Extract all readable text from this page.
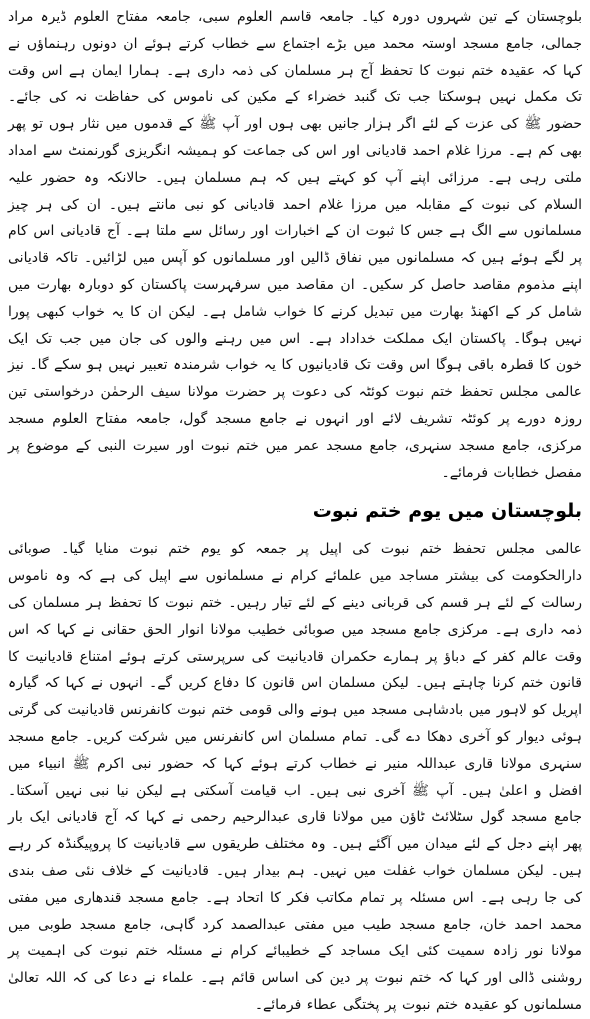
بلوچستان کے تین شہروں دورہ کیا۔ جامعہ قاسم العلوم سبی، جامعہ مفتاح العلوم ڈیرہ مراد جمالی، جامع مسجد اوستہ محمد میں بڑے اجتماع سے خطاب کرتے ہوئے ان دونوں رہنماؤں نے کہا کہ عقیدہ ختم نبوت کا تحفظ آج ہر مسلمان کی ذمہ داری ہے۔ ہمارا ایمان ہے اس وقت تک مکمل نہیں ہوسکتا جب تک گنبد خضراء کے مکین کی ناموس کی حفاظت نہ کی جائے۔ حضور ﷺ کی عزت کے لئے اگر ہزار جانیں بھی ہوں اور آپ ﷺ کے قدموں میں نثار ہوں تو پھر بھی کم ہے۔ مرزا غلام احمد قادیانی اور اس کی جماعت کو ہمیشہ انگریزی گورنمنٹ سے امداد ملتی رہی ہے۔ مرزائی اپنے آپ کو کہتے ہیں کہ ہم مسلمان ہیں۔ حالانکہ وہ حضور علیہ السلام کی نبوت کے مقابلہ میں مرزا غلام احمد قادیانی کو نبی مانتے ہیں۔ ان کی ہر چیز مسلمانوں سے الگ ہے جس کا ثبوت ان کے اخبارات اور رسائل سے ملتا ہے۔ آج قادیانی اس کام پر لگے ہوئے ہیں کہ مسلمانوں میں نفاق ڈالیں اور مسلمانوں کو آپس میں لڑائیں۔ تاکہ قادیانی اپنے مذموم مقاصد حاصل کر سکیں۔ ان مقاصد میں سرفہرست پاکستان کو دوبارہ بھارت میں شامل کر کے اکھنڈ بھارت میں تبدیل کرنے کا خواب شامل ہے۔ لیکن ان کا یہ خواب کبھی پورا نہیں ہوگا۔ پاکستان ایک مملکت خداداد ہے۔ اس میں رہنے والوں کی جان میں جب تک ایک خون کا قطرہ باقی ہوگا اس وقت تک قادیانیوں کا یہ خواب شرمندہ تعبیر نہیں ہو سکے گا۔ نیز عالمی مجلس تحفظ ختم نبوت کوئٹہ کی دعوت پر حضرت مولانا سیف الرحمٰن درخواستی تین روزہ دورے پر کوئٹہ تشریف لائے اور انہوں نے جامع مسجد گول، جامعہ مفتاح العلوم مسجد مرکزی، جامع مسجد سنہری، جامع مسجد عمر میں ختم نبوت اور سیرت النبی کے موضوع پر مفصل خطابات فرمائے۔

بلوچستان میں یوم ختم نبوت

عالمی مجلس تحفظ ختم نبوت کی اپیل پر جمعہ کو یوم ختم نبوت منایا گیا۔ صوبائی دارالحکومت کی بیشتر مساجد میں علمائے کرام نے مسلمانوں سے اپیل کی ہے کہ وہ ناموس رسالت کے لئے ہر قسم کی قربانی دینے کے لئے تیار رہیں۔ ختم نبوت کا تحفظ ہر مسلمان کی ذمہ داری ہے۔ مرکزی جامع مسجد میں صوبائی خطیب مولانا انوار الحق حقانی نے کہا کہ اس وقت عالم کفر کے دباؤ پر ہمارے حکمران قادیانیت کی سرپرستی کرتے ہوئے امتناع قادیانیت کا قانون ختم کرنا چاہتے ہیں۔ لیکن مسلمان اس قانون کا دفاع کریں گے۔ انہوں نے کہا کہ گیارہ اپریل کو لاہور میں بادشاہی مسجد میں ہونے والی قومی ختم نبوت کانفرنس قادیانیت کی گرتی ہوئی دیوار کو آخری دھکا دے گی۔ تمام مسلمان اس کانفرنس میں شرکت کریں۔ جامع مسجد سنہری مولانا قاری عبداللہ منیر نے خطاب کرتے ہوئے کہا کہ حضور نبی اکرم ﷺ انبیاء میں افضل و اعلیٰ ہیں۔ آپ ﷺ آخری نبی ہیں۔ اب قیامت آسکتی ہے لیکن نیا نبی نہیں آسکتا۔ جامع مسجد گول سٹلائٹ ٹاؤن میں مولانا قاری عبدالرحیم رحمی نے کہا کہ آج قادیانی ایک بار پھر اپنے دجل کے لئے میدان میں آگئے ہیں۔ وہ مختلف طریقوں سے قادیانیت کا پروپیگنڈہ کر رہے ہیں۔ لیکن مسلمان خواب غفلت میں نہیں۔ ہم بیدار ہیں۔ قادیانیت کے خلاف نئی صف بندی کی جا رہی ہے۔ اس مسئلہ پر تمام مکاتب فکر کا اتحاد ہے۔ جامع مسجد قندھاری میں مفتی محمد احمد خان، جامع مسجد طیب میں مفتی عبدالصمد کرد گاہی، جامع مسجد طوبی میں مولانا نور زادہ سمیت کئی ایک مساجد کے خطیبائے کرام نے مسئلہ ختم نبوت کی اہمیت پر روشنی ڈالی اور کہا کہ ختم نبوت پر دین کی اساس قائم ہے۔ علماء نے دعا کی کہ اللہ تعالیٰ مسلمانوں کو عقیدہ ختم نبوت پر پختگی عطاء فرمائے۔
